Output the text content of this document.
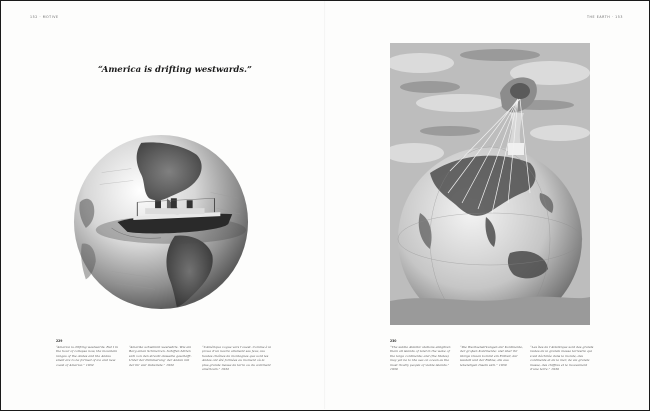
152 · MOTIVE	THE EARTH · 153
“America is drifting westwards.”
229
“America is drifting westwards. But I in the hour of collapse now, the mountain ranges of the Andes and the Andes small are to be formed of ice and new coast of America.” 1932
“Amerika schwimmt westwärts. Wie ein Berg einen Schmerzen. Schiffen hätten sich von den streckt dasselbe geschafft. Unter der Dämmerung’ der Anden mit der ihr vier Ostwinde.” 1932
“L’Amérique vogue vers l’ouest. Comme à la proue d’un navire allumant ses feux, les hautes chaînes de montagnes que sont les Andes ont été formées au moment où la plus grande masse de terre ou du continent américain.” 1932
230
“The subtle Atlantic stations enlighten them all islands of land in the wake of the large continents; and (the States) may yet be to the sea on ocean as the most rivalry people of viable islands.” 1930
“Die Wechselwirkungen der Kontinente, der großen Kontinente; und über ihr übrige Ozean kommt ein Erdteil, der Gestalt und der Bühne, die aus lebendigen Inseln sich.” 1930
“Les îles de l’Atlantique sont des grands restes de la grande masse terrestre qui s’est déchirée dans le monde, des continents et de la mer, de vie grande masse, des chiffres et le mouvement d’une terre.” 1930
